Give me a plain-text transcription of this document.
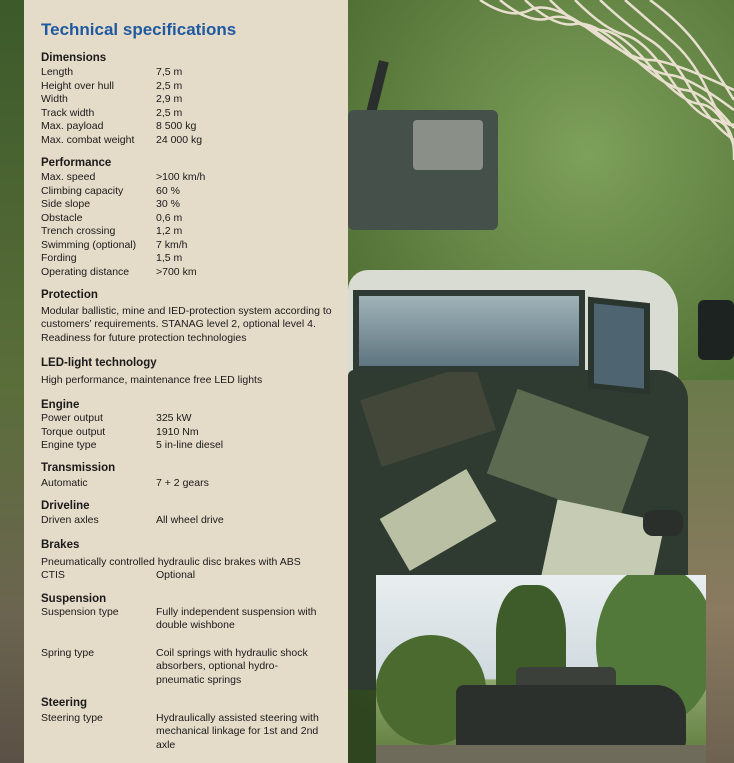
Technical specifications
Dimensions
Length	7,5 m
Height over hull	2,5 m
Width	2,9 m
Track width	2,5 m
Max. payload	8 500 kg
Max. combat weight 24 000 kg
Performance
Max. speed	>100 km/h
Climbing capacity	60 %
Side slope	30 %
Obstacle	0,6 m
Trench crossing	1,2 m
Swimming (optional) 7 km/h
Fording	1,5 m
Operating distance	>700 km
Protection
Modular ballistic, mine and IED-protection system according to customers’ requirements. STANAG level 2, optional level 4. Readiness for future protection technologies
LED-light technology
High performance, maintenance free LED lights
Engine
Power output	325 kW
Torque output	1910 Nm
Engine type	5 in-line diesel
Transmission
Automatic	7 + 2 gears
Driveline
Driven axles	All wheel drive
Brakes
Pneumatically controlled hydraulic disc brakes with ABS
CTIS	Optional
Suspension
Suspension type	Fully independent suspension with double wishbone
Spring type	Coil springs with hydraulic shock absorbers, optional hydro-pneumatic springs
Steering
Steering type	Hydraulically assisted steering with mechanical linkage for 1st and 2nd axle
